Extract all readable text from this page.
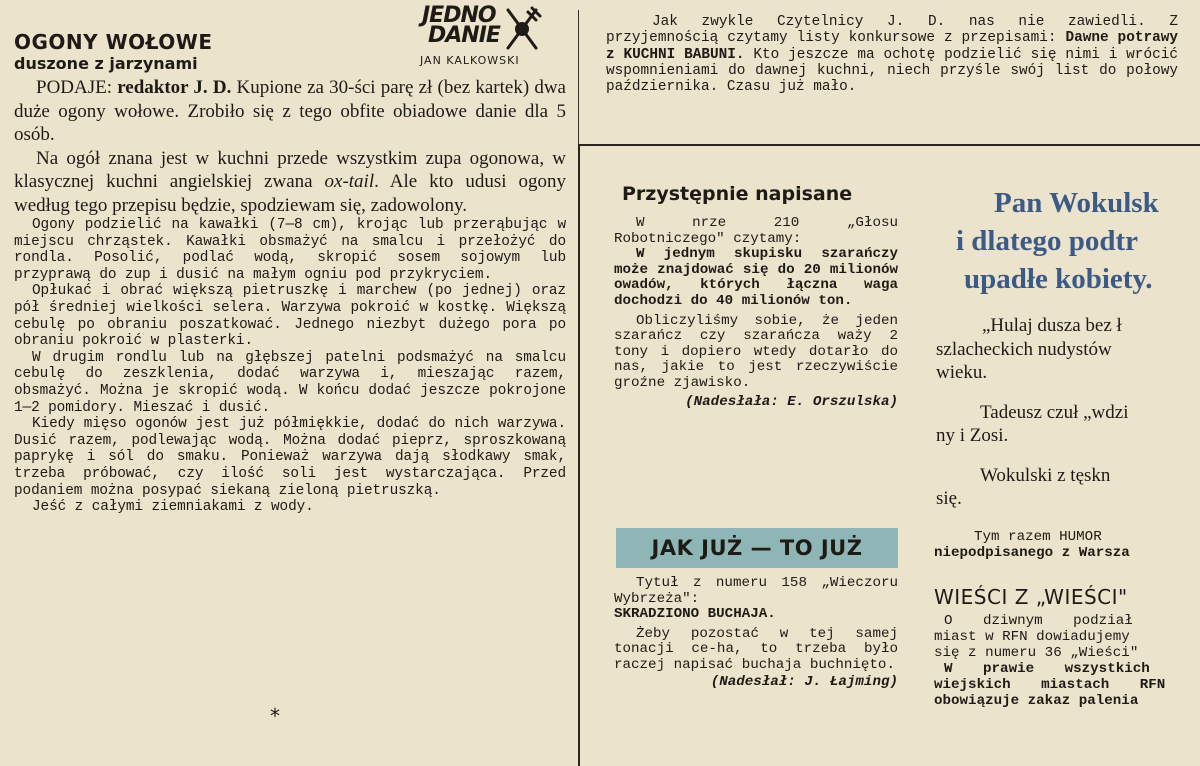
OGONY WOŁOWE
duszone z jarzynami

PODAJE: redaktor J. D. Kupione za 30-ści parę zł (bez kartek) dwa duże ogony wołowe. Zrobiło się z tego obfite obiadowe danie dla 5 osób.

Na ogół znana jest w kuchni przede wszystkim zupa ogonowa, w klasycznej kuchni angielskiej zwana ox-tail. Ale kto udusi ogony według tego przepisu będzie, spodziewam się, zadowolony.

Ogony podzielić na kawałki (7—8 cm), krojąc lub przerąbując w miejscu chrząstek. Kawałki obsmażyć na smalcu i przełożyć do rondla. Posolić, podlać wodą, skropić sosem sojowym lub przyprawą do zup i dusić na małym ogniu pod przykryciem.

Opłukać i obrać większą pietruszkę i marchew (po jednej) oraz pół średniej wielkości selera. Warzywa pokroić w kostkę. Większą cebulę po obraniu poszatkować. Jednego niezbyt dużego pora po obraniu pokroić w plasterki.

W drugim rondlu lub na głębszej patelni podsmażyć na smalcu cebulę do zeszklenia, dodać warzywa i, mieszając razem, obsmażyć. Można je skropić wodą. W końcu dodać jeszcze pokrojone 1—2 pomidory. Mieszać i dusić.

Kiedy mięso ogonów jest już półmiękkie, dodać do nich warzywa. Dusić razem, podlewając wodą. Można dodać pieprz, sproszkowaną paprykę i sól do smaku. Ponieważ warzywa dają słodkawy smak, trzeba próbować, czy ilość soli jest wystarczająca. Przed podaniem można posypać siekaną zieloną pietruszką.

Jeść z całymi ziemniakami z wody.

*
JEDNO
DANIE
JAN KALKOWSKI

Jak zwykle Czytelnicy J. D. nas nie zawiedli. Z przyjemnością czytamy listy konkursowe z przepisami: Dawne potrawy z KUCHNI BABUNI. Kto jeszcze ma ochotę podzielić się nimi i wrócić wspomnieniami do dawnej kuchni, niech przyśle swój list do połowy października. Czasu już mało.

Przystępnie napisane

W nrze 210 „Głosu Robotniczego" czytamy:

W jednym skupisku szarańczy może znajdować się do 20 milionów owadów, których łączna waga dochodzi do 40 milionów ton.

Obliczyliśmy sobie, że jeden szarańcz czy szarańcza waży 2 tony i dopiero wtedy dotarło do nas, jakie to jest rzeczywiście groźne zjawisko.

(Nadesłała: E. Orszulska)

JAK JUŻ — TO JUŻ

Tytuł z numeru 158 „Wieczoru Wybrzeża":

SKRADZIONO BUCHAJA.

Żeby pozostać w tej samej tonacji ce-ha, to trzeba było raczej napisać buchaja buchnięto.

(Nadesłał: J. Łajming)

Pan Wokulsk

i dlatego podtr

upadłe kobiety.

„Hulaj dusza bez ł

szlacheckich nudystów

wieku.

Tadeusz czuł „wdzi

ny i Zosi.

Wokulski z tęskn

się.

Tym razem HUMOR

niepodpisanego z Warsza

WIEŚCI Z „WIEŚCI"

O dziwnym podział

miast w RFN dowiadujemy

się z numeru 36 „Wieści"

W prawie wszystkich

wiejskich miastach RFN

obowiązuje zakaz palenia
